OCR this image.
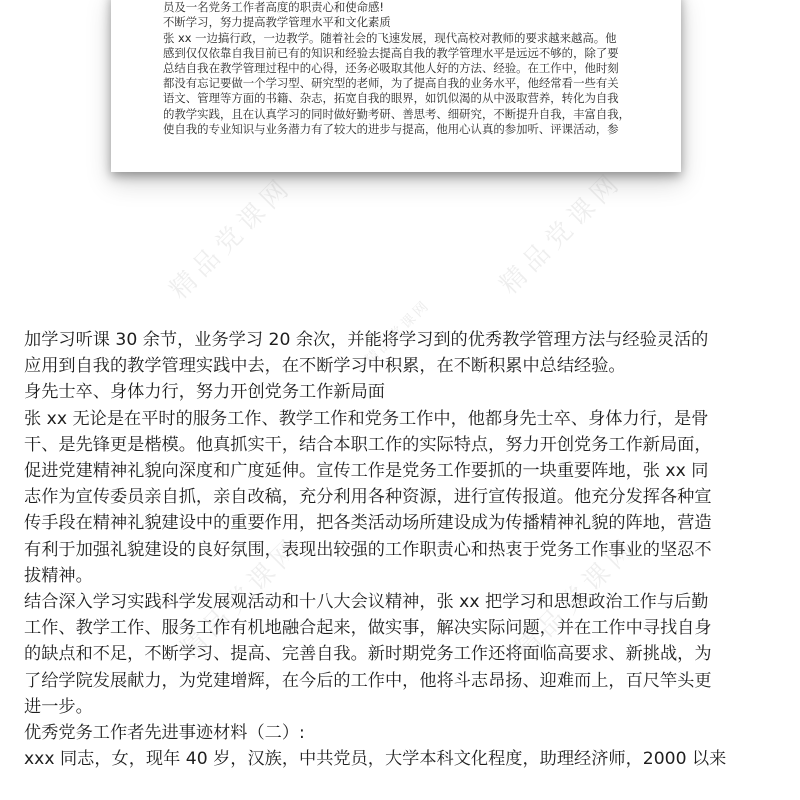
员及一名党务工作者高度的职责心和使命感!

不断学习，努力提高教学管理水平和文化素质

张 xx 一边搞行政，一边教学。随着社会的飞速发展，现代高校对教师的要求越来越高。他

感到仅仅依靠自我目前已有的知识和经验去提高自我的教学管理水平是远远不够的，除了要

总结自我在教学管理过程中的心得，还务必吸取其他人好的方法、经验。在工作中，他时刻

都没有忘记要做一个学习型、研究型的老师，为了提高自我的业务水平，他经常看一些有关

语文、管理等方面的书籍、杂志，拓宽自我的眼界，如饥似渴的从中汲取营养，转化为自我

的教学实践，且在认真学习的同时做好勤考研、善思考、细研究，不断提升自我，丰富自我，

使自我的专业知识与业务潜力有了较大的进步与提高，他用心认真的参加听、评课活动，参

精品党课网	精品党课网
精品党课网
精品党课网	精品党课网

加学习听课 30 余节，业务学习 20 余次，并能将学习到的优秀教学管理方法与经验灵活的

应用到自我的教学管理实践中去，在不断学习中积累，在不断积累中总结经验。

身先士卒、身体力行，努力开创党务工作新局面

张 xx 无论是在平时的服务工作、教学工作和党务工作中，他都身先士卒、身体力行，是骨

干、是先锋更是楷模。他真抓实干，结合本职工作的实际特点，努力开创党务工作新局面，

促进党建精神礼貌向深度和广度延伸。宣传工作是党务工作要抓的一块重要阵地，张 xx 同

志作为宣传委员亲自抓，亲自改稿，充分利用各种资源，进行宣传报道。他充分发挥各种宣

传手段在精神礼貌建设中的重要作用，把各类活动场所建设成为传播精神礼貌的阵地，营造

有利于加强礼貌建设的良好氛围，表现出较强的工作职责心和热衷于党务工作事业的坚忍不

拔精神。

结合深入学习实践科学发展观活动和十八大会议精神，张 xx 把学习和思想政治工作与后勤

工作、教学工作、服务工作有机地融合起来，做实事，解决实际问题，并在工作中寻找自身

的缺点和不足，不断学习、提高、完善自我。新时期党务工作还将面临高要求、新挑战，为

了给学院发展献力，为党建增辉，在今后的工作中，他将斗志昂扬、迎难而上，百尺竿头更

进一步。

优秀党务工作者先进事迹材料（二）:

xxx 同志，女，现年 40 岁，汉族，中共党员，大学本科文化程度，助理经济师，2000 以来
